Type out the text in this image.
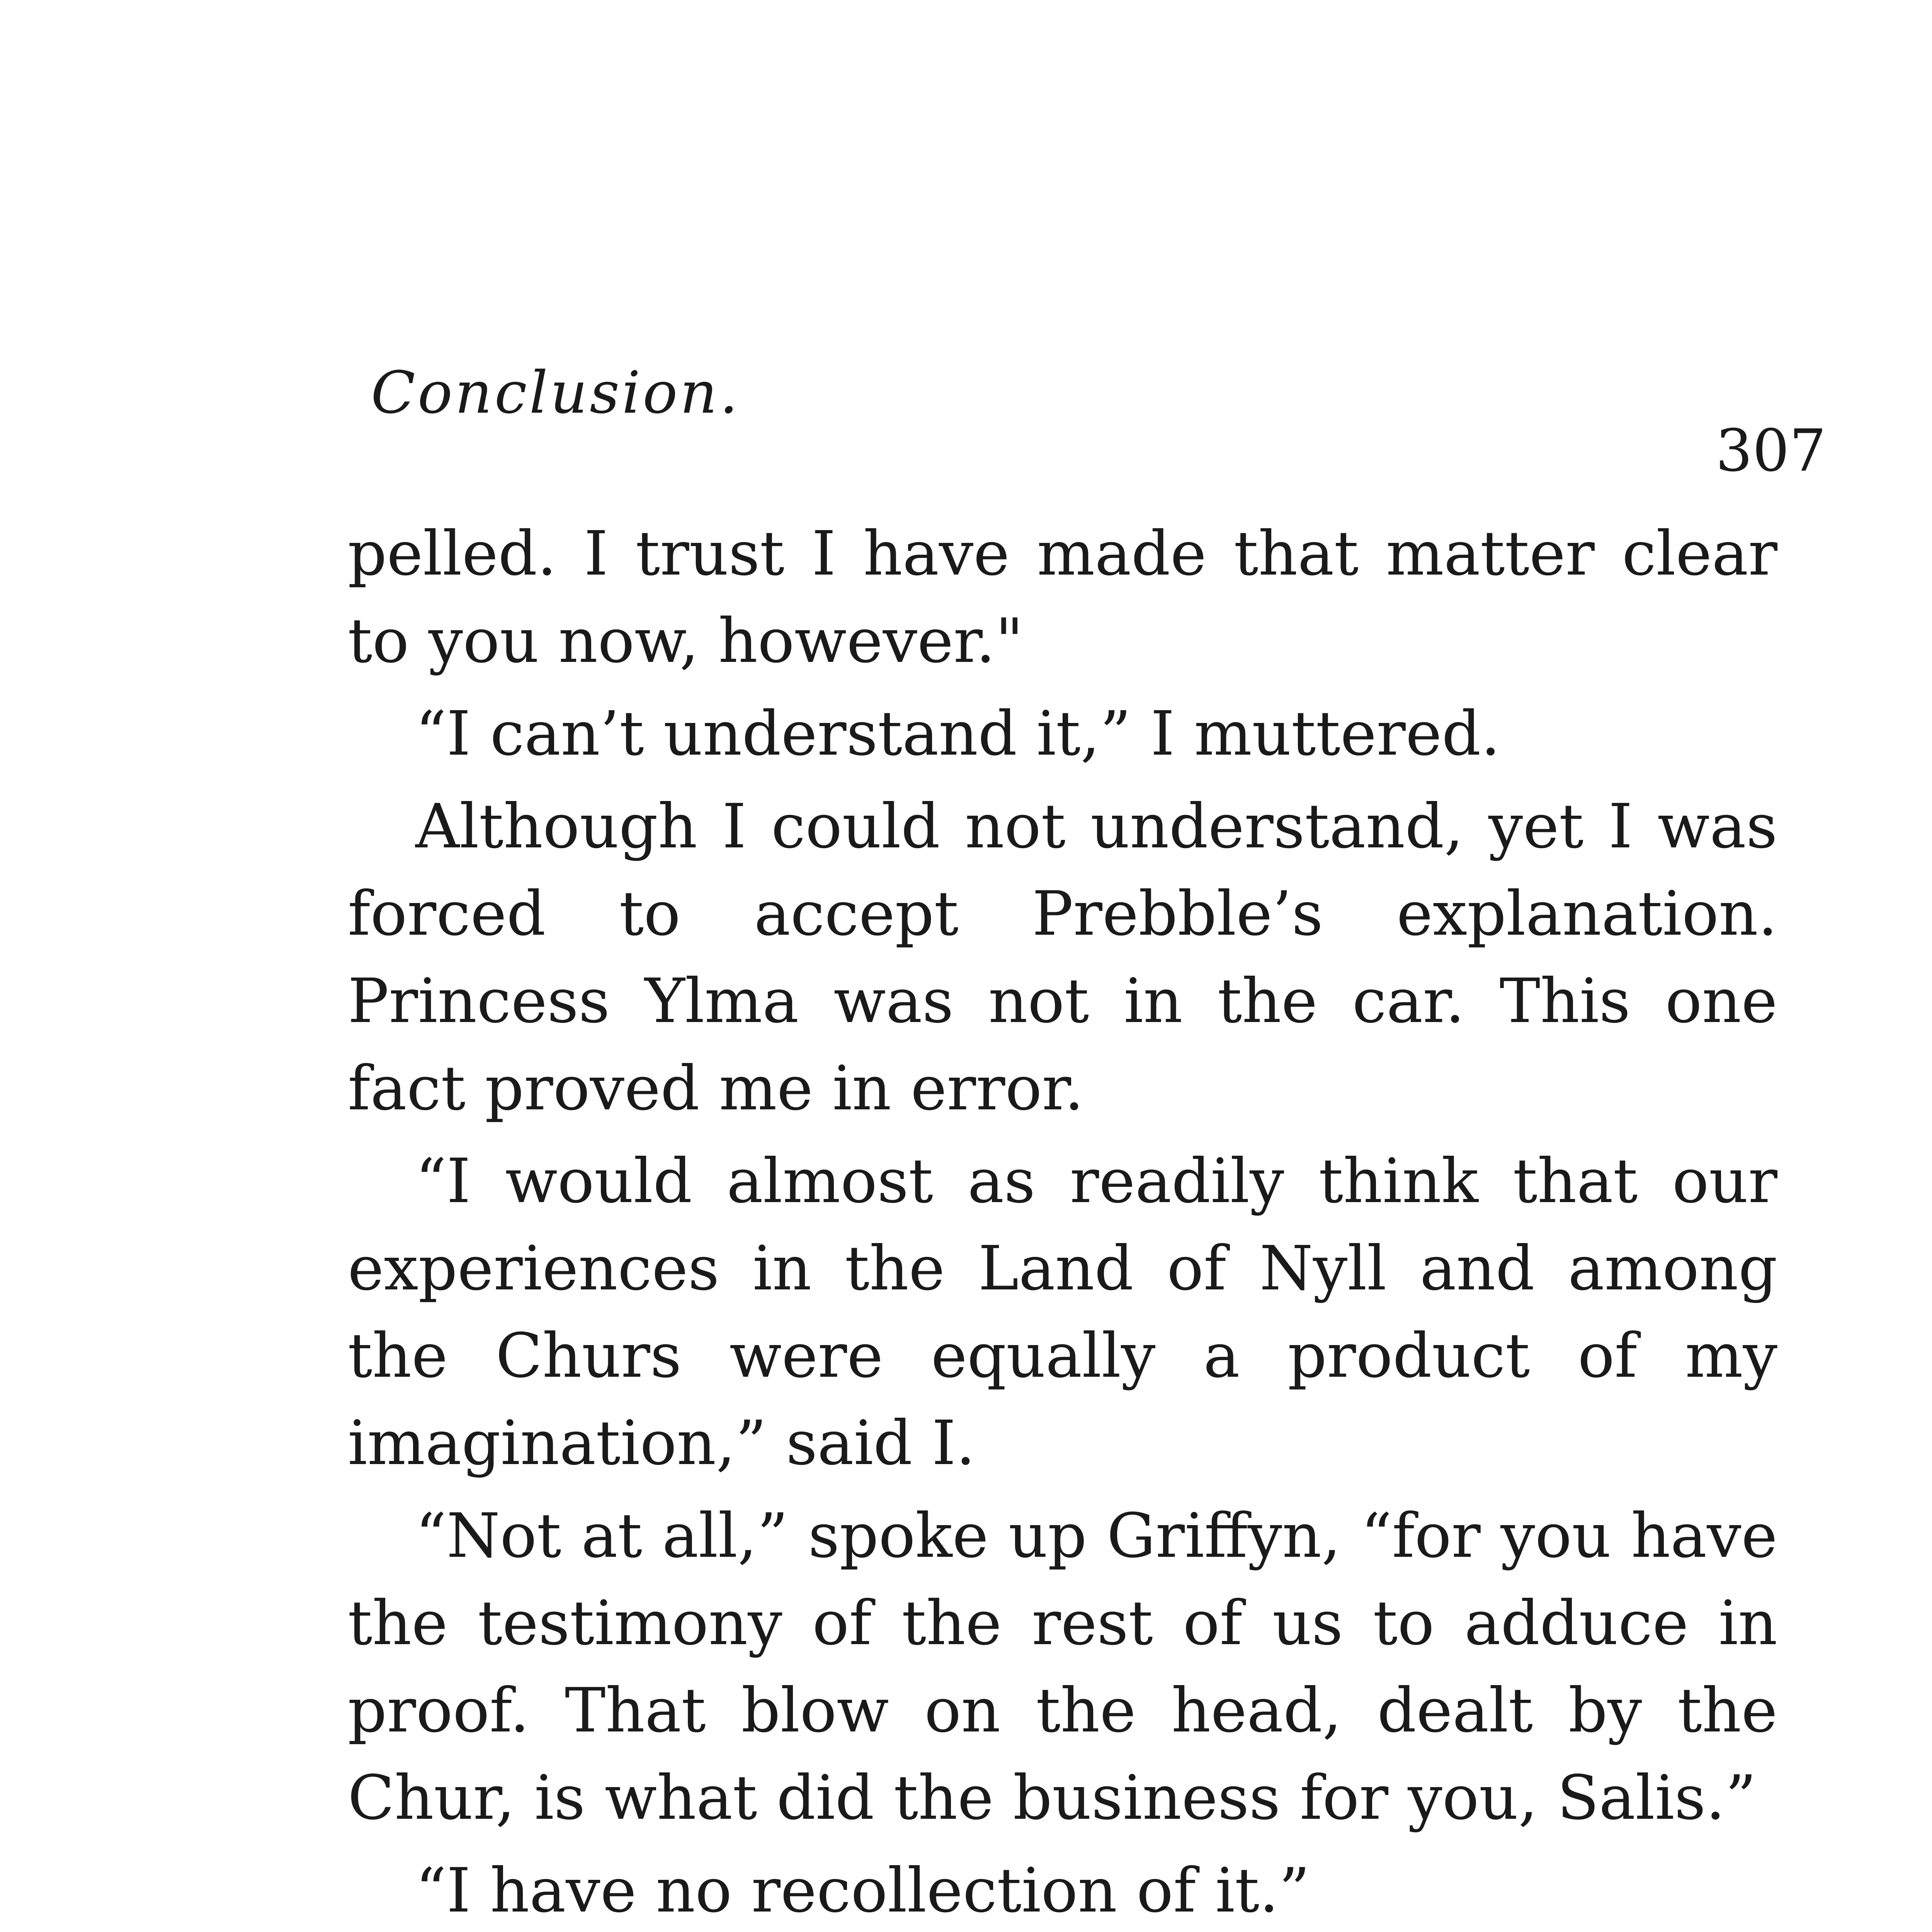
Conclusion.
307

pelled. I trust I have made that matter clear to you now, however."

“I can’t understand it,” I muttered.

Although I could not understand, yet I was forced to accept Prebble’s explanation. Princess Ylma was not in the car. This one fact proved me in error.

“I would almost as readily think that our experiences in the Land of Nyll and among the Churs were equally a product of my imagination,” said I.

“Not at all,” spoke up Griffyn, “for you have the testimony of the rest of us to adduce in proof. That blow on the head, dealt by the Chur, is what did the business for you, Salis.”

“I have no recollection of it.”
